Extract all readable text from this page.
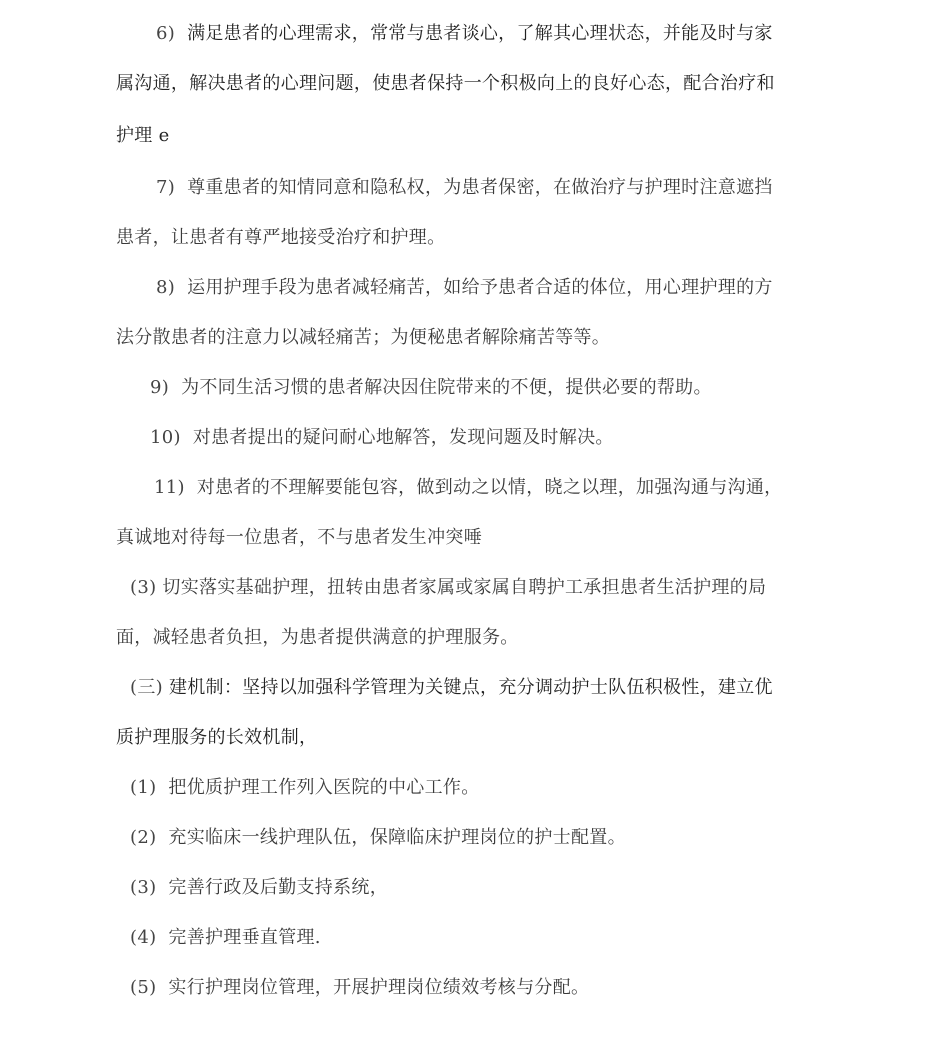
6) 满足患者的心理需求，常常与患者谈心，了解其心理状态，并能及时与家
属沟通，解决患者的心理问题，使患者保持一个积极向上的良好心态，配合治疗和
护理 e
7) 尊重患者的知情同意和隐私权，为患者保密，在做治疗与护理时注意遮挡
患者，让患者有尊严地接受治疗和护理。
8) 运用护理手段为患者减轻痛苦，如给予患者合适的体位，用心理护理的方
法分散患者的注意力以减轻痛苦；为便秘患者解除痛苦等等。
9) 为不同生活习惯的患者解决因住院带来的不便，提供必要的帮助。
10) 对患者提出的疑问耐心地解答，发现问题及时解决。
11) 对患者的不理解要能包容，做到动之以情，晓之以理，加强沟通与沟通，
真诚地对待每一位患者，不与患者发生冲突唾
(3) 切实落实基础护理，扭转由患者家属或家属自聘护工承担患者生活护理的局
面，减轻患者负担，为患者提供满意的护理服务。
(三) 建机制：坚持以加强科学管理为关键点，充分调动护士队伍积极性，建立优
质护理服务的长效机制，
(1) 把优质护理工作列入医院的中心工作。
(2) 充实临床一线护理队伍，保障临床护理岗位的护士配置。
(3) 完善行政及后勤支持系统，
(4) 完善护理垂直管理.
(5) 实行护理岗位管理，开展护理岗位绩效考核与分配。
